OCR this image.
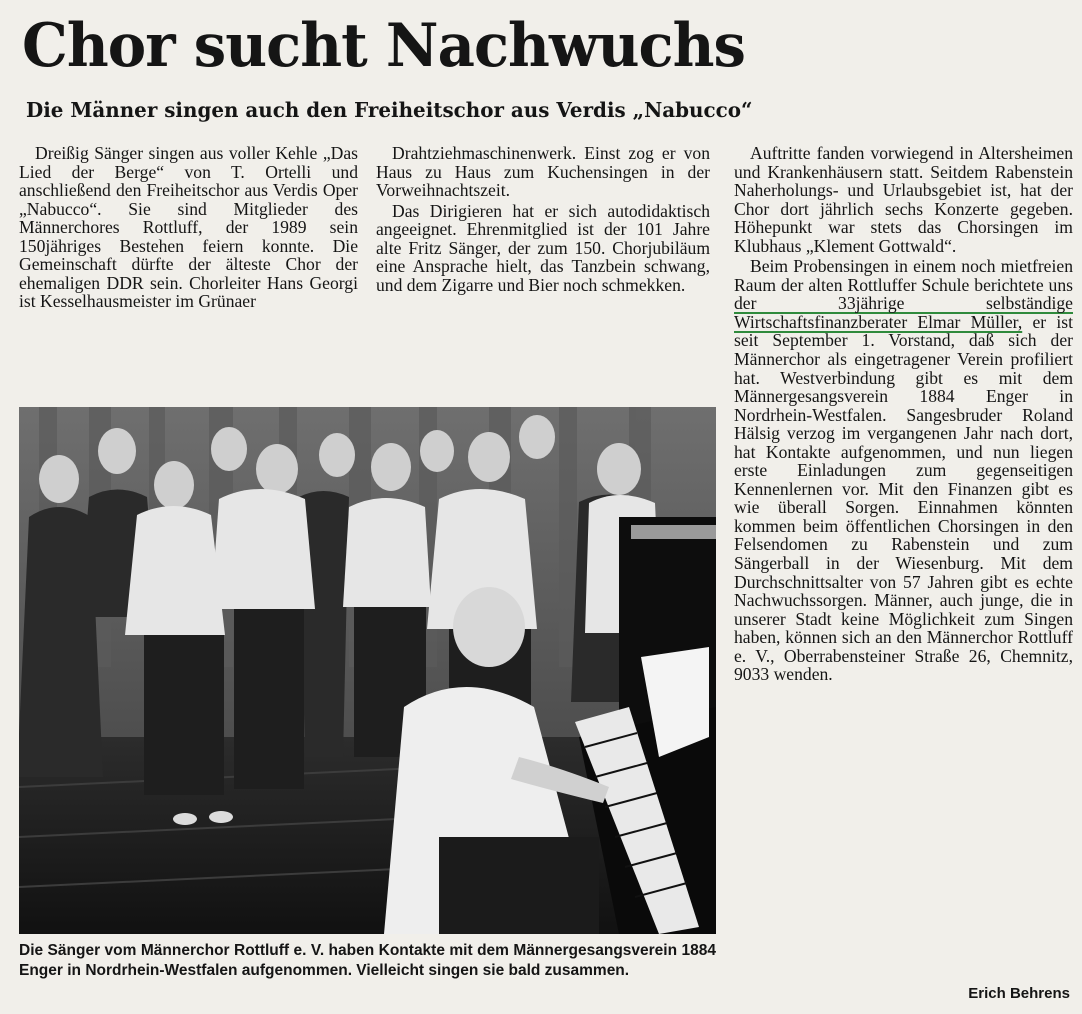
Chor sucht Nachwuchs
Die Männer singen auch den Freiheitschor aus Verdis „Nabucco“

Dreißig Sänger singen aus voller Kehle „Das Lied der Berge“ von T. Ortelli und anschließend den Freiheitschor aus Verdis Oper „Nabucco“. Sie sind Mitglieder des Männerchores Rottluff, der 1989 sein 150jähriges Bestehen feiern konnte. Die Gemeinschaft dürfte der älteste Chor der ehemaligen DDR sein. Chorleiter Hans Georgi ist Kesselhausmeister im Grünaer

Drahtziehmaschinenwerk. Einst zog er von Haus zu Haus zum Kuchensingen in der Vorweihnachtszeit.

Das Dirigieren hat er sich autodidaktisch angeeignet. Ehrenmitglied ist der 101 Jahre alte Fritz Sänger, der zum 150. Chorjubiläum eine Ansprache hielt, das Tanzbein schwang, und dem Zigarre und Bier noch schmekken.

Auftritte fanden vorwiegend in Altersheimen und Krankenhäusern statt. Seitdem Rabenstein Naherholungs- und Urlaubsgebiet ist, hat der Chor dort jährlich sechs Konzerte gegeben. Höhepunkt war stets das Chorsingen im Klubhaus „Klement Gottwald“.

Beim Probensingen in einem noch mietfreien Raum der alten Rottluffer Schule berichtete uns der 33jährige selbständige Wirtschaftsfinanzberater Elmar Müller, er ist seit September 1. Vorstand, daß sich der Männerchor als eingetragener Verein profiliert hat. Westverbindung gibt es mit dem Männergesangsverein 1884 Enger in Nordrhein-Westfalen. Sangesbruder Roland Hälsig verzog im vergangenen Jahr nach dort, hat Kontakte aufgenommen, und nun liegen erste Einladungen zum gegenseitigen Kennenlernen vor. Mit den Finanzen gibt es wie überall Sorgen. Einnahmen könnten kommen beim öffentlichen Chorsingen in den Felsendomen zu Rabenstein und zum Sängerball in der Wiesenburg. Mit dem Durchschnittsalter von 57 Jahren gibt es echte Nachwuchssorgen. Männer, auch junge, die in unserer Stadt keine Möglichkeit zum Singen haben, können sich an den Männerchor Rottluff e. V., Oberrabensteiner Straße 26, Chemnitz, 9033 wenden.

Erich Behrens

Die Sänger vom Männerchor Rottluff e. V. haben Kontakte mit dem Männergesangsverein 1884 Enger in Nordrhein-Westfalen aufgenommen. Vielleicht singen sie bald zusammen.
